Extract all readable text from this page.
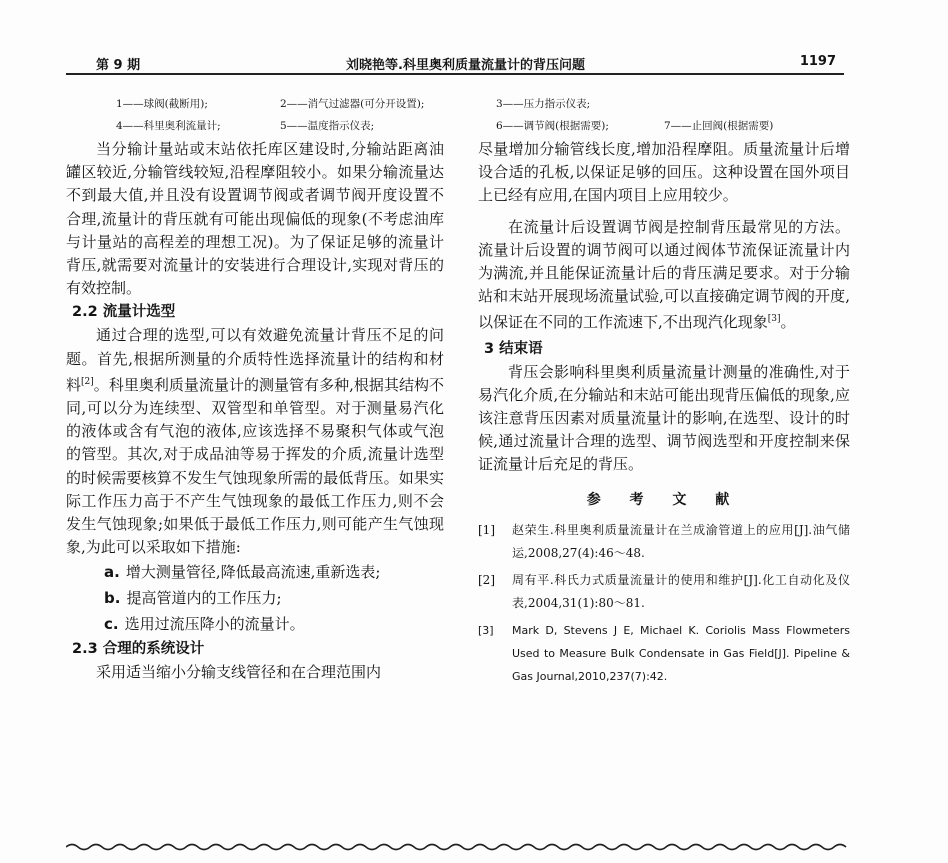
第 9 期	刘晓艳等.科里奥利质量流量计的背压问题	1197
1——球阀(截断用);	2——消气过滤器(可分开设置);	3——压力指示仪表;
4——科里奥利流量计;	5——温度指示仪表;	6——调节阀(根据需要);	7——止回阀(根据需要)

当分输计量站或末站依托库区建设时,分输站距离油罐区较近,分输管线较短,沿程摩阻较小。如果分输流量达不到最大值,并且没有设置调节阀或者调节阀开度设置不合理,流量计的背压就有可能出现偏低的现象(不考虑油库与计量站的高程差的理想工况)。为了保证足够的流量计背压,就需要对流量计的安装进行合理设计,实现对背压的有效控制。

2.2 流量计选型

通过合理的选型,可以有效避免流量计背压不足的问题。首先,根据所测量的介质特性选择流量计的结构和材料[2]。科里奥利质量流量计的测量管有多种,根据其结构不同,可以分为连续型、双管型和单管型。对于测量易汽化的液体或含有气泡的液体,应该选择不易聚积气体或气泡的管型。其次,对于成品油等易于挥发的介质,流量计选型的时候需要核算不发生气蚀现象所需的最低背压。如果实际工作压力高于不产生气蚀现象的最低工作压力,则不会发生气蚀现象;如果低于最低工作压力,则可能产生气蚀现象,为此可以采取如下措施:

a. 增大测量管径,降低最高流速,重新选表;

b. 提高管道内的工作压力;

c. 选用过流压降小的流量计。

2.3 合理的系统设计

采用适当缩小分输支线管径和在合理范围内

尽量增加分输管线长度,增加沿程摩阻。质量流量计后增设合适的孔板,以保证足够的回压。这种设置在国外项目上已经有应用,在国内项目上应用较少。

在流量计后设置调节阀是控制背压最常见的方法。流量计后设置的调节阀可以通过阀体节流保证流量计内为满流,并且能保证流量计后的背压满足要求。对于分输站和末站开展现场流量试验,可以直接确定调节阀的开度,以保证在不同的工作流速下,不出现汽化现象[3]。

3 结束语

背压会影响科里奥利质量流量计测量的准确性,对于易汽化介质,在分输站和末站可能出现背压偏低的现象,应该注意背压因素对质量流量计的影响,在选型、设计的时候,通过流量计合理的选型、调节阀选型和开度控制来保证流量计后充足的背压。

参 考 文 献

[1] 赵荣生.科里奥利质量流量计在兰成渝管道上的应用[J].油气储运,2008,27(4):46～48.

[2] 周有平.科氏力式质量流量计的使用和维护[J].化工自动化及仪表,2004,31(1):80～81.

[3] Mark D, Stevens J E, Michael K. Coriolis Mass Flowmeters Used to Measure Bulk Condensate in Gas Field[J]. Pipeline & Gas Journal,2010,237(7):42.
